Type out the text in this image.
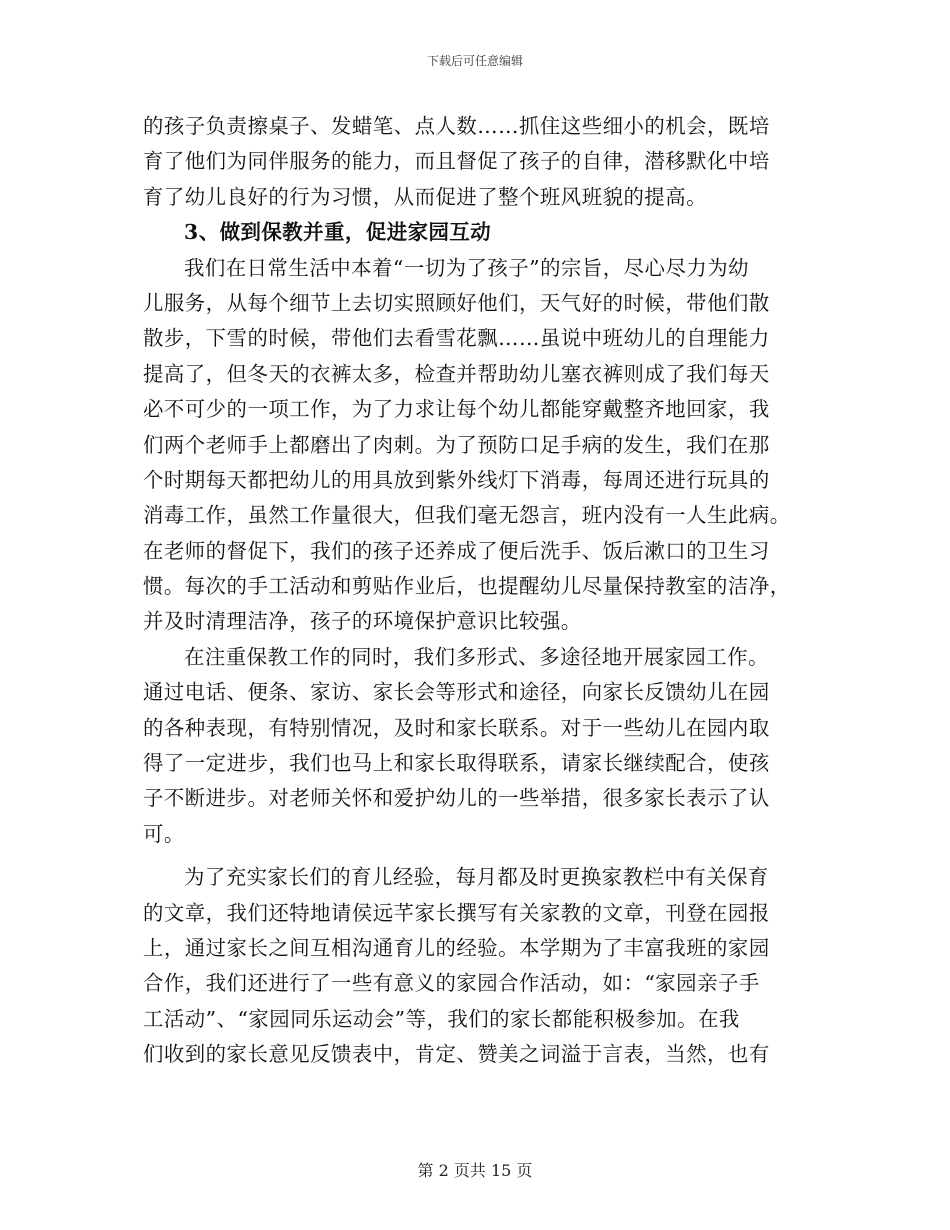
下载后可任意编辑
的孩子负责擦桌子、发蜡笔、点人数……抓住这些细小的机会，既培
育了他们为同伴服务的能力，而且督促了孩子的自律，潜移默化中培
育了幼儿良好的行为习惯，从而促进了整个班风班貌的提高。
3、做到保教并重，促进家园互动
我们在日常生活中本着“一切为了孩子”的宗旨，尽心尽力为幼
儿服务，从每个细节上去切实照顾好他们，天气好的时候，带他们散
散步，下雪的时候，带他们去看雪花飘……虽说中班幼儿的自理能力
提高了，但冬天的衣裤太多，检查并帮助幼儿塞衣裤则成了我们每天
必不可少的一项工作，为了力求让每个幼儿都能穿戴整齐地回家，我
们两个老师手上都磨出了肉刺。为了预防口足手病的发生，我们在那
个时期每天都把幼儿的用具放到紫外线灯下消毒，每周还进行玩具的
消毒工作，虽然工作量很大，但我们毫无怨言，班内没有一人生此病。
在老师的督促下，我们的孩子还养成了便后洗手、饭后漱口的卫生习
惯。每次的手工活动和剪贴作业后，也提醒幼儿尽量保持教室的洁净，
并及时清理洁净，孩子的环境保护意识比较强。
在注重保教工作的同时，我们多形式、多途径地开展家园工作。
通过电话、便条、家访、家长会等形式和途径，向家长反馈幼儿在园
的各种表现，有特别情况，及时和家长联系。对于一些幼儿在园内取
得了一定进步，我们也马上和家长取得联系，请家长继续配合，使孩
子不断进步。对老师关怀和爱护幼儿的一些举措，很多家长表示了认
可。
为了充实家长们的育儿经验，每月都及时更换家教栏中有关保育
的文章，我们还特地请侯远芊家长撰写有关家教的文章，刊登在园报
上，通过家长之间互相沟通育儿的经验。本学期为了丰富我班的家园
合作，我们还进行了一些有意义的家园合作活动，如：“家园亲子手
工活动”、“家园同乐运动会”等，我们的家长都能积极参加。在我
们收到的家长意见反馈表中，肯定、赞美之词溢于言表，当然，也有
第 2 页共 15 页
